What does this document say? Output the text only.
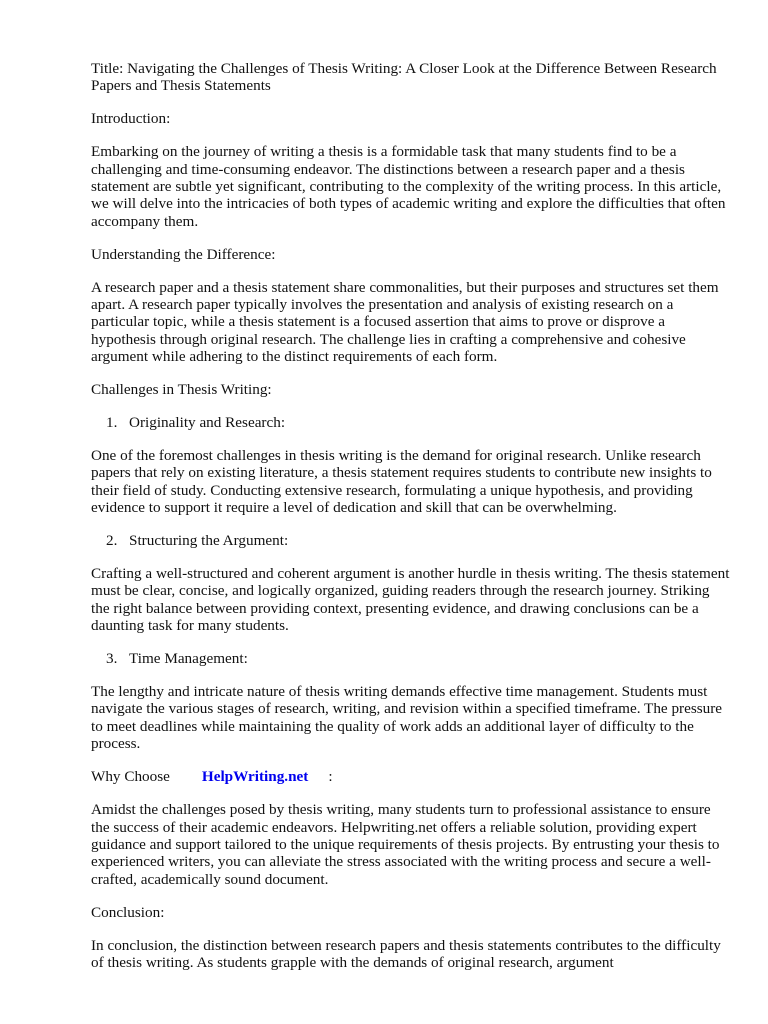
Title: Navigating the Challenges of Thesis Writing: A Closer Look at the Difference Between Research Papers and Thesis Statements

Introduction:

Embarking on the journey of writing a thesis is a formidable task that many students find to be a challenging and time-consuming endeavor. The distinctions between a research paper and a thesis statement are subtle yet significant, contributing to the complexity of the writing process. In this article, we will delve into the intricacies of both types of academic writing and explore the difficulties that often accompany them.

Understanding the Difference:

A research paper and a thesis statement share commonalities, but their purposes and structures set them apart. A research paper typically involves the presentation and analysis of existing research on a particular topic, while a thesis statement is a focused assertion that aims to prove or disprove a hypothesis through original research. The challenge lies in crafting a comprehensive and cohesive argument while adhering to the distinct requirements of each form.

Challenges in Thesis Writing:

1. Originality and Research:

One of the foremost challenges in thesis writing is the demand for original research. Unlike research papers that rely on existing literature, a thesis statement requires students to contribute new insights to their field of study. Conducting extensive research, formulating a unique hypothesis, and providing evidence to support it require a level of dedication and skill that can be overwhelming.

2. Structuring the Argument:

Crafting a well-structured and coherent argument is another hurdle in thesis writing. The thesis statement must be clear, concise, and logically organized, guiding readers through the research journey. Striking the right balance between providing context, presenting evidence, and drawing conclusions can be a daunting task for many students.

3. Time Management:

The lengthy and intricate nature of thesis writing demands effective time management. Students must navigate the various stages of research, writing, and revision within a specified timeframe. The pressure to meet deadlines while maintaining the quality of work adds an additional layer of difficulty to the process.

Why Choose HelpWriting.net :

Amidst the challenges posed by thesis writing, many students turn to professional assistance to ensure the success of their academic endeavors. Helpwriting.net offers a reliable solution, providing expert guidance and support tailored to the unique requirements of thesis projects. By entrusting your thesis to experienced writers, you can alleviate the stress associated with the writing process and secure a well-crafted, academically sound document.

Conclusion:

In conclusion, the distinction between research papers and thesis statements contributes to the difficulty of thesis writing. As students grapple with the demands of original research, argument
